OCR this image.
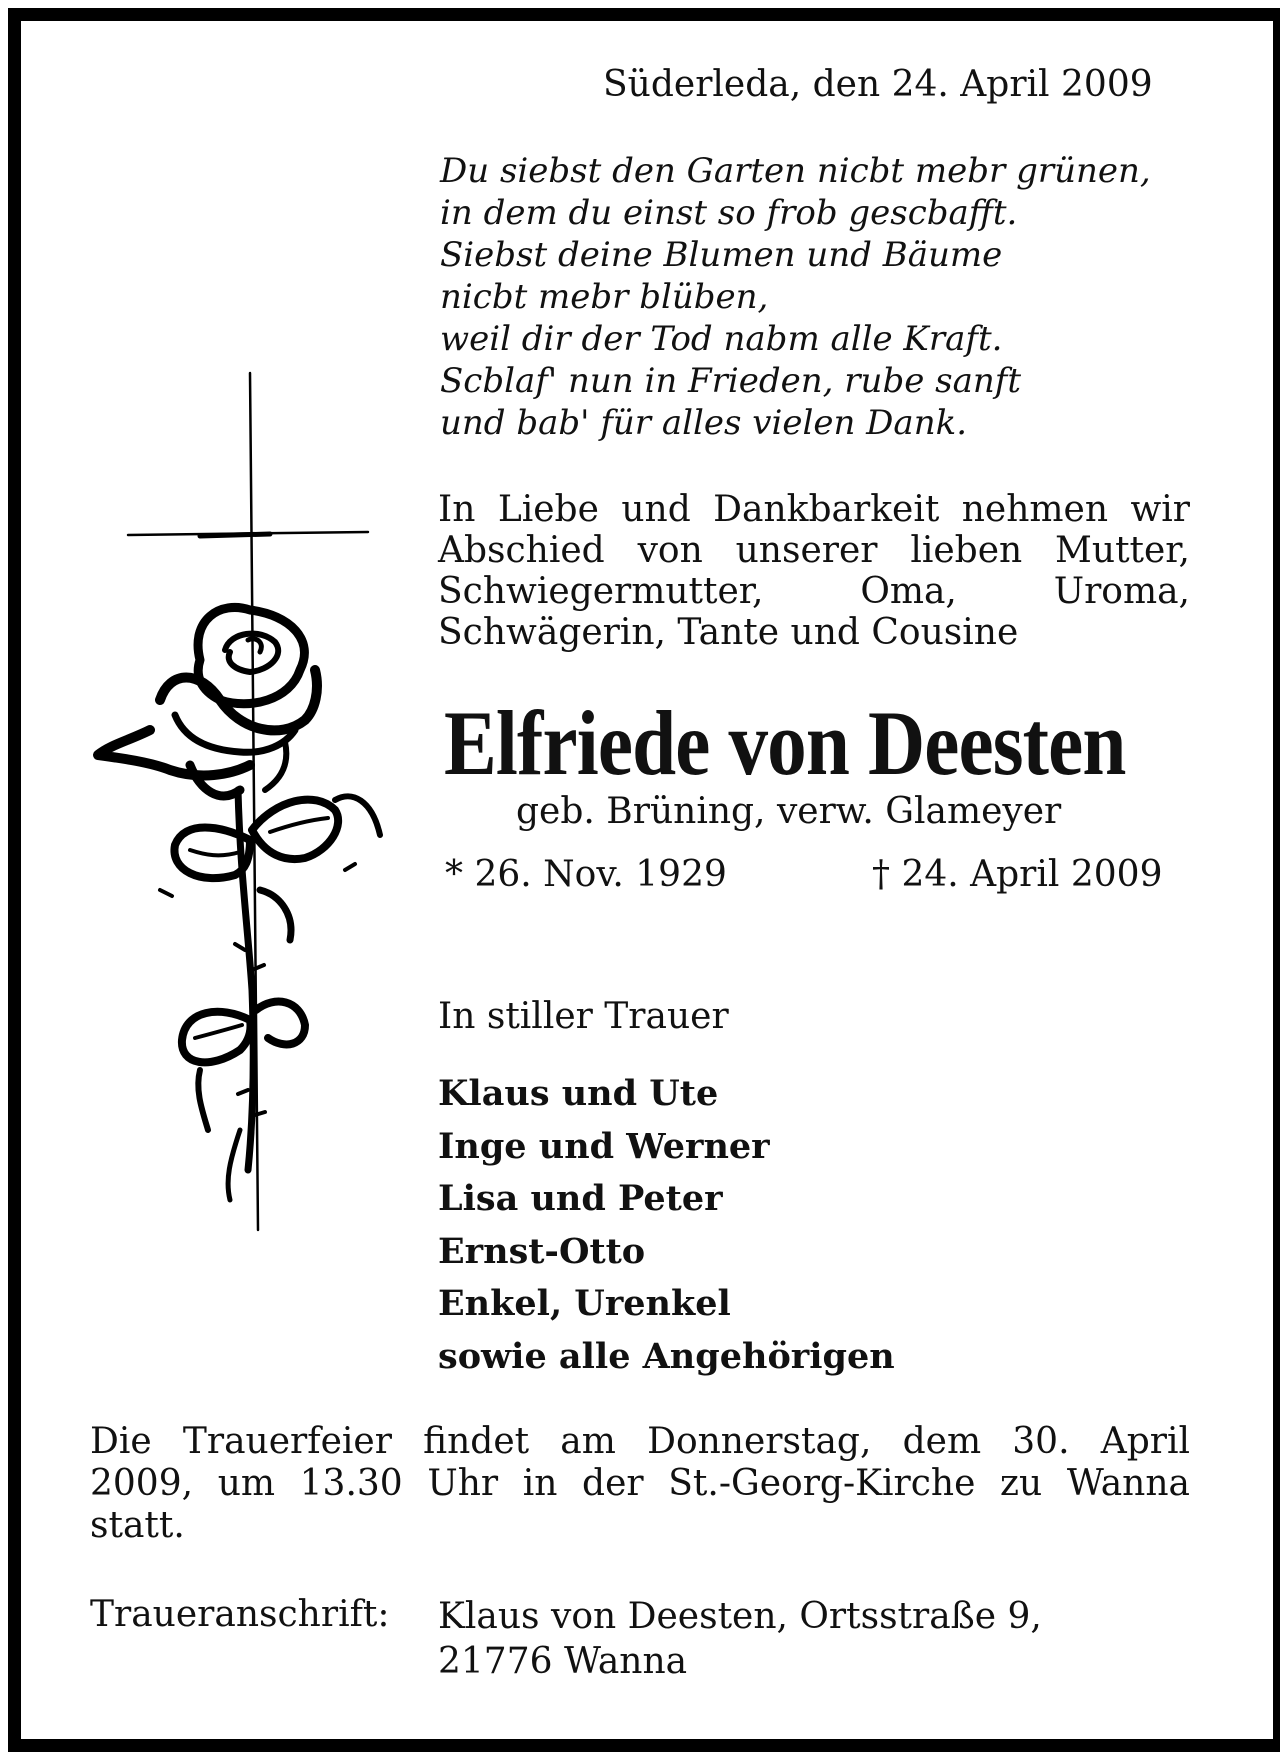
Süderleda, den 24. April 2009

Du siebst den Garten nicbt mebr grünen,
in dem du einst so frob gescbafft.
Siebst deine Blumen und Bäume
nicbt mebr blüben,
weil dir der Tod nabm alle Kraft.
Scblaf' nun in Frieden, rube sanft
und bab' für alles vielen Dank.
In Liebe und Dankbarkeit nehmen wir
Abschied von unserer lieben Mutter,
Schwiegermutter, Oma, Uroma,
Schwägerin, Tante und Cousine

Elfriede von Deesten

geb. Brüning, verw. Glameyer

* 26. Nov. 1929	† 24. April 2009

In stiller Trauer

Klaus und Ute
Inge und Werner
Lisa und Peter
Ernst-Otto
Enkel, Urenkel
sowie alle Angehörigen
Die Trauerfeier findet am Donnerstag, dem 30. April
2009, um 13.30 Uhr in der St.-Georg-Kirche zu Wanna
statt.

Traueranschrift: Klaus von Deesten, Ortsstraße 9,
21776 Wanna
